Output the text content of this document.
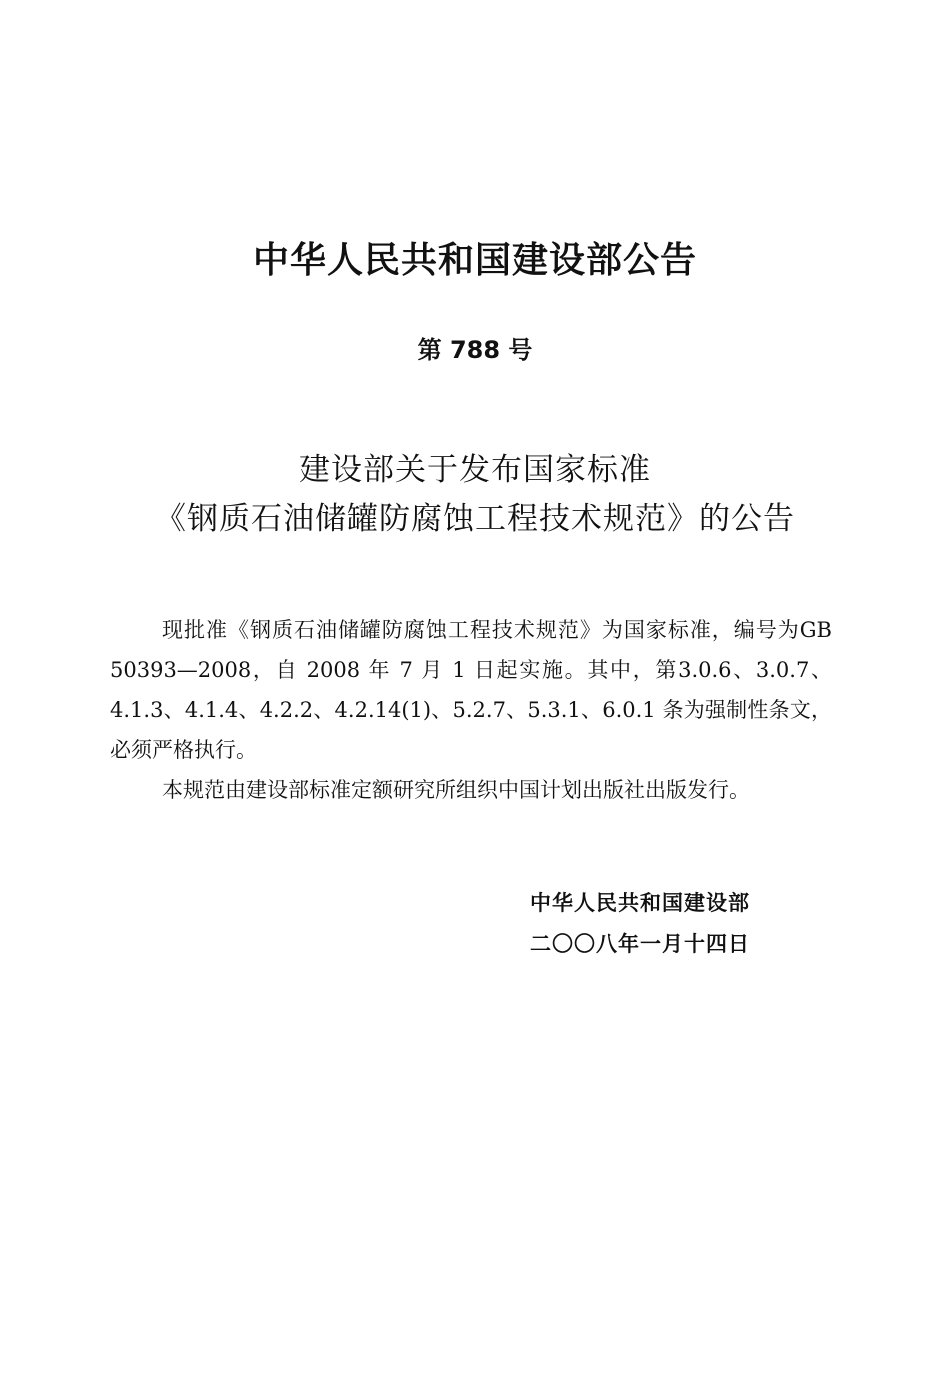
中华人民共和国建设部公告

第 788 号

建设部关于发布国家标准

《钢质石油储罐防腐蚀工程技术规范》的公告

现批准《钢质石油储罐防腐蚀工程技术规范》为国家标准，编号为GB 50393—2008，自 2008 年 7 月 1 日起实施。其中，第3.0.6、3.0.7、4.1.3、4.1.4、4.2.2、4.2.14(1)、5.2.7、5.3.1、6.0.1 条为强制性条文，必须严格执行。

本规范由建设部标准定额研究所组织中国计划出版社出版发行。

中华人民共和国建设部

二〇〇八年一月十四日
